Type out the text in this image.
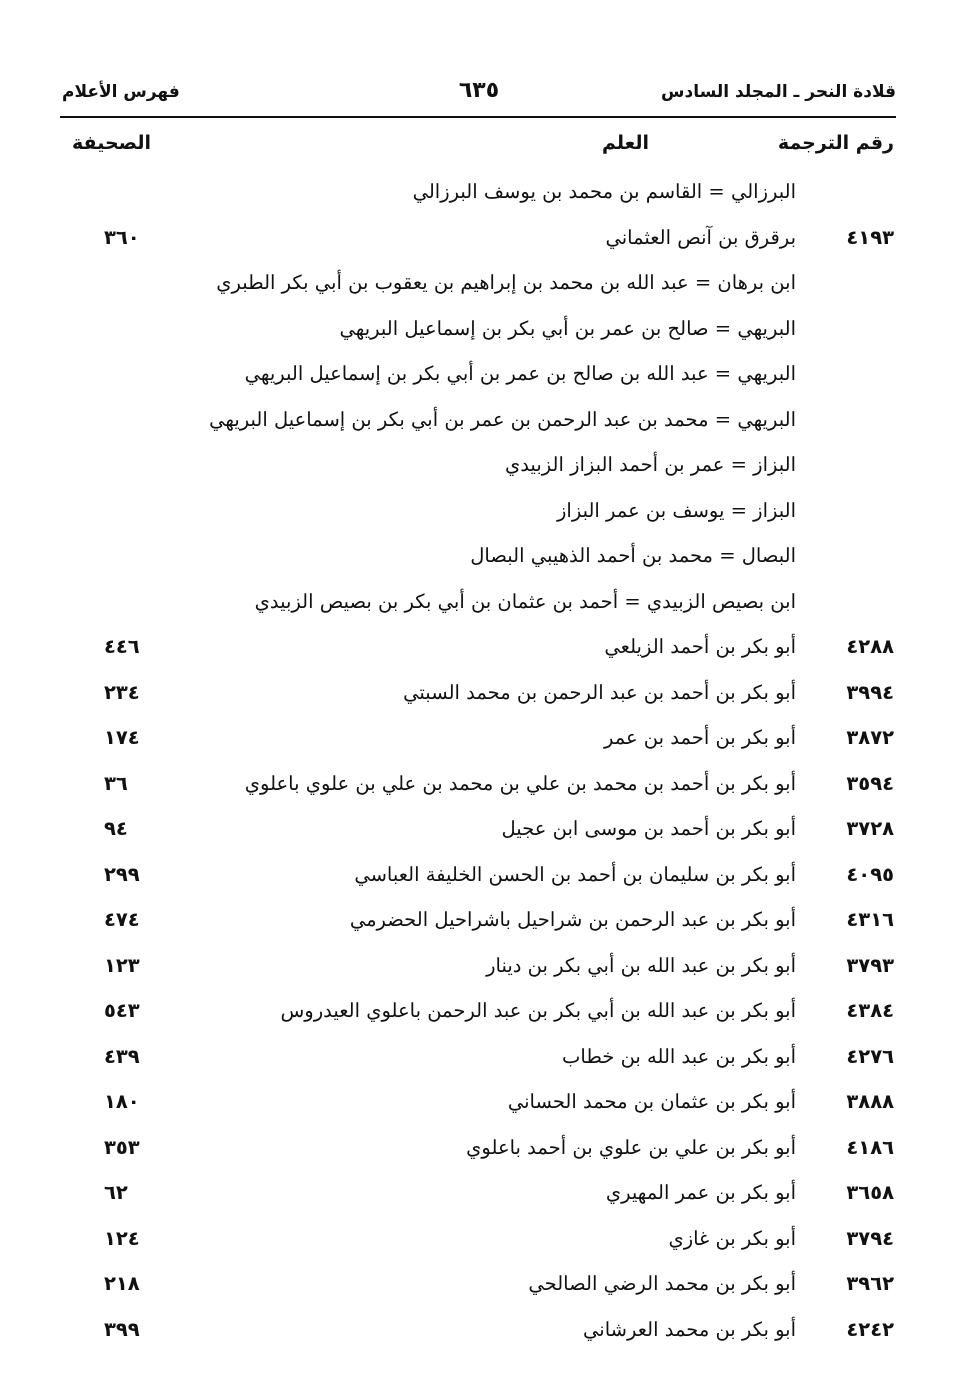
قلادة النحر ـ المجلد السادس
٦٣٥
فهرس الأعلام
رقم الترجمة
العلم
الصحيفة
البرزالي = القاسم بن محمد بن يوسف البرزالي
٤١٩٣
برقرق بن آنص العثماني
٣٦٠
ابن برهان = عبد الله بن محمد بن إبراهيم بن يعقوب بن أبي بكر الطبري
البريهي = صالح بن عمر بن أبي بكر بن إسماعيل البريهي
البريهي = عبد الله بن صالح بن عمر بن أبي بكر بن إسماعيل البريهي
البريهي = محمد بن عبد الرحمن بن عمر بن أبي بكر بن إسماعيل البريهي
البزاز = عمر بن أحمد البزاز الزبيدي
البزاز = يوسف بن عمر البزاز
البصال = محمد بن أحمد الذهيبي البصال
ابن بصيص الزبيدي = أحمد بن عثمان بن أبي بكر بن بصيص الزبيدي
٤٢٨٨
أبو بكر بن أحمد الزيلعي
٤٤٦
٣٩٩٤
أبو بكر بن أحمد بن عبد الرحمن بن محمد السبتي
٢٣٤
٣٨٧٢
أبو بكر بن أحمد بن عمر
١٧٤
٣٥٩٤
أبو بكر بن أحمد بن محمد بن علي بن محمد بن علي بن علوي باعلوي
٣٦
٣٧٢٨
أبو بكر بن أحمد بن موسى ابن عجيل
٩٤
٤٠٩٥
أبو بكر بن سليمان بن أحمد بن الحسن الخليفة العباسي
٢٩٩
٤٣١٦
أبو بكر بن عبد الرحمن بن شراحيل باشراحيل الحضرمي
٤٧٤
٣٧٩٣
أبو بكر بن عبد الله بن أبي بكر بن دينار
١٢٣
٤٣٨٤
أبو بكر بن عبد الله بن أبي بكر بن عبد الرحمن باعلوي العيدروس
٥٤٣
٤٢٧٦
أبو بكر بن عبد الله بن خطاب
٤٣٩
٣٨٨٨
أبو بكر بن عثمان بن محمد الحساني
١٨٠
٤١٨٦
أبو بكر بن علي بن علوي بن أحمد باعلوي
٣٥٣
٣٦٥٨
أبو بكر بن عمر المهيري
٦٢
٣٧٩٤
أبو بكر بن غازي
١٢٤
٣٩٦٢
أبو بكر بن محمد الرضي الصالحي
٢١٨
٤٢٤٢
أبو بكر بن محمد العرشاني
٣٩٩
